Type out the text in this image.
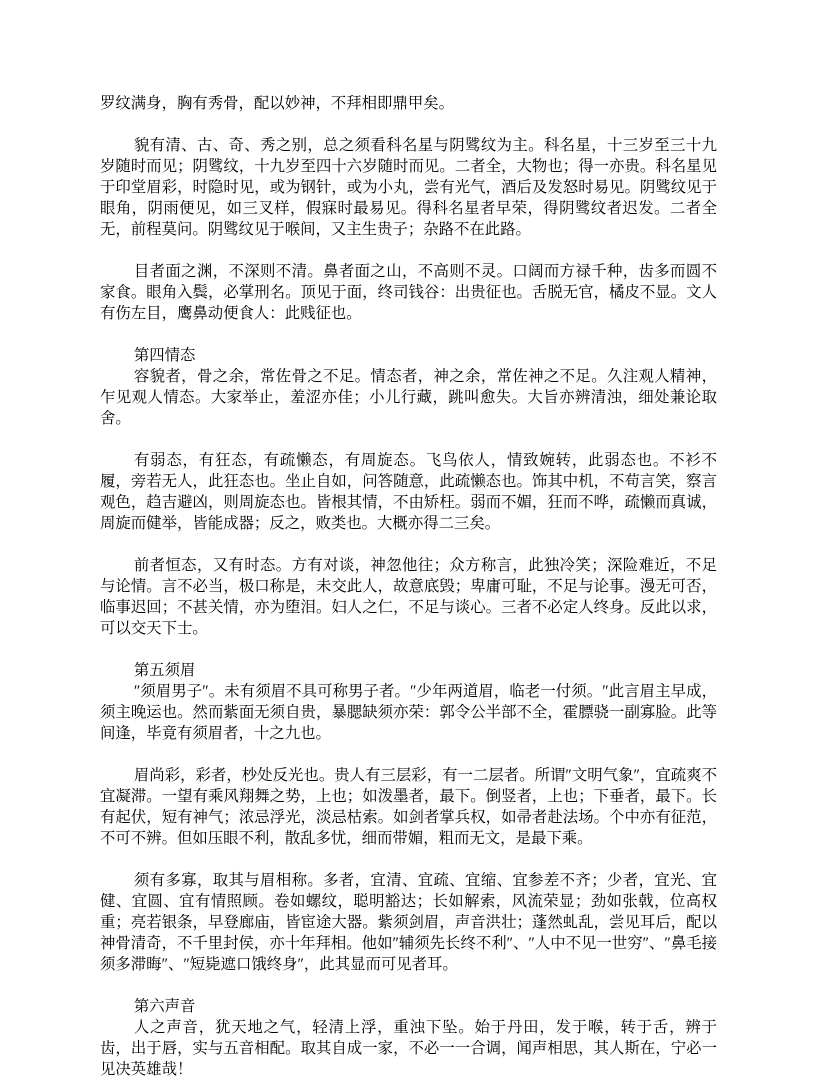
罗纹满身，胸有秀骨，配以妙神，不拜相即鼎甲矣。

貌有清、古、奇、秀之别，总之须看科名星与阴骘纹为主。科名星，十三岁至三十九岁随时而见；阴骘纹，十九岁至四十六岁随时而见。二者全，大物也；得一亦贵。科名星见于印堂眉彩，时隐时见，或为钢针，或为小丸，尝有光气，酒后及发怒时易见。阴骘纹见于眼角，阴雨便见，如三叉样，假寐时最易见。得科名星者早荣，得阴骘纹者迟发。二者全无，前程莫问。阴骘纹见于喉间，又主生贵子；杂路不在此路。

目者面之渊，不深则不清。鼻者面之山，不高则不灵。口阔而方禄千种，齿多而圆不家食。眼角入鬓，必掌刑名。顶见于面，终司钱谷：出贵征也。舌脱无官，橘皮不显。文人有伤左目，鹰鼻动便食人：此贱征也。

第四情态

容貌者，骨之余，常佐骨之不足。情态者，神之余，常佐神之不足。久注观人精神，乍见观人情态。大家举止，羞涩亦佳；小儿行藏，跳叫愈失。大旨亦辨清浊，细处兼论取舍。

有弱态，有狂态，有疏懒态，有周旋态。飞鸟依人，情致婉转，此弱态也。不衫不履，旁若无人，此狂态也。坐止自如，问答随意，此疏懒态也。饰其中机，不苟言笑，察言观色，趋吉避凶，则周旋态也。皆根其情，不由矫枉。弱而不媚，狂而不哗，疏懒而真诚，周旋而健举，皆能成器；反之，败类也。大概亦得二三矣。

前者恒态，又有时态。方有对谈，神忽他往；众方称言，此独冷笑；深险难近，不足与论情。言不必当，极口称是，未交此人，故意底毁；卑庸可耻，不足与论事。漫无可否，临事迟回；不甚关情，亦为堕泪。妇人之仁，不足与谈心。三者不必定人终身。反此以求，可以交天下士。

第五须眉

″须眉男子″。未有须眉不具可称男子者。″少年两道眉，临老一付须。″此言眉主早成，须主晚运也。然而紫面无须自贵，暴腮缺须亦荣：郭令公半部不全，霍膘骁一副寡脸。此等间逢，毕竟有须眉者，十之九也。

眉尚彩，彩者，杪处反光也。贵人有三层彩，有一二层者。所谓″文明气象″，宜疏爽不宜凝滞。一望有乘风翔舞之势，上也；如泼墨者，最下。倒竖者，上也；下垂者，最下。长有起伏，短有神气；浓忌浮光，淡忌枯索。如剑者掌兵权，如帚者赴法场。个中亦有征范，不可不辨。但如压眼不利，散乱多忧，细而带媚，粗而无文，是最下乘。

须有多寡，取其与眉相称。多者，宜清、宜疏、宜缩、宜参差不齐；少者，宜光、宜健、宜圆、宜有情照顾。卷如螺纹，聪明豁达；长如解索，风流荣显；劲如张戟，位高权重；亮若银条，早登廊庙，皆宦途大器。紫须剑眉，声音洪壮；蓬然虬乱，尝见耳后，配以神骨清奇，不千里封侯，亦十年拜相。他如″辅须先长终不利″、″人中不见一世穷″、″鼻毛接须多滞晦″、″短毙遮口饿终身″，此其显而可见者耳。

第六声音

人之声音，犹天地之气，轻清上浮，重浊下坠。始于丹田，发于喉，转于舌，辨于齿，出于唇，实与五音相配。取其自成一家，不必一一合调，闻声相思，其人斯在，宁必一见决英雄哉！
